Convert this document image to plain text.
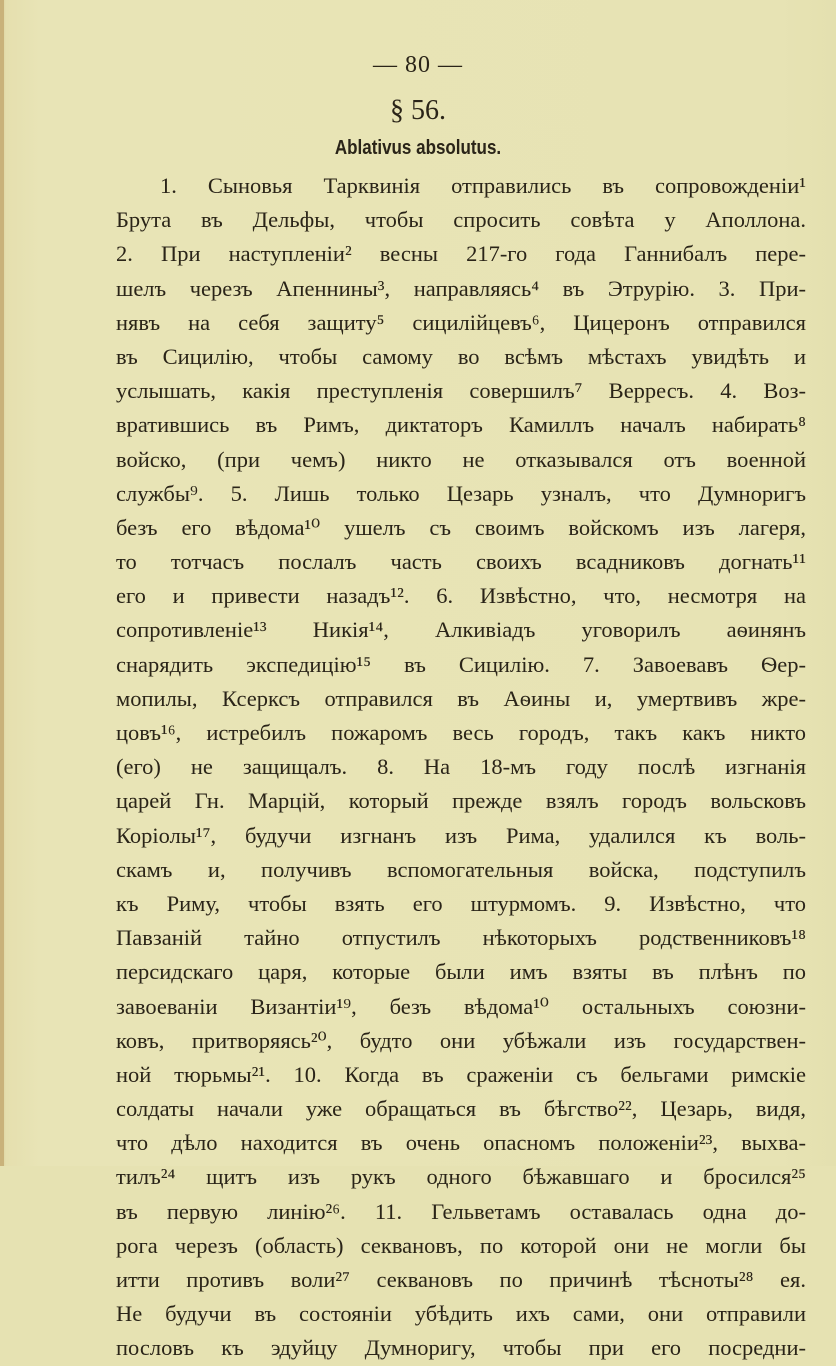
— 80 —
§ 56.
Ablativus absolutus.
1. Сыновья Тарквинія отправились въ сопровожденіи¹
Брута въ Дельфы, чтобы спросить совѣта у Аполлона.
2. При наступленіи² весны 217-го года Ганнибалъ пере-
шелъ черезъ Апеннины³, направляясь⁴ въ Этрурію. 3. При-
нявъ на себя защиту⁵ сицилійцевъ⁶, Цицеронъ отправился
въ Сицилію, чтобы самому во всѣмъ мѣстахъ увидѣть и
услышать, какія преступленія совершилъ⁷ Верресъ. 4. Воз-
вратившись въ Римъ, диктаторъ Камиллъ началъ набирать⁸
войско, (при чемъ) никто не отказывался отъ военной
службы⁹. 5. Лишь только Цезарь узналъ, что Думноригъ
безъ его вѣдома¹⁰ ушелъ съ своимъ войскомъ изъ лагеря,
то тотчасъ послалъ часть своихъ всадниковъ догнать¹¹
его и привести назадъ¹². 6. Извѣстно, что, несмотря на
сопротивленіе¹³ Никія¹⁴, Алкивіадъ уговорилъ аѳинянъ
снарядить экспедицію¹⁵ въ Сицилію. 7. Завоевавъ Ѳер-
мопилы, Ксерксъ отправился въ Аѳины и, умертвивъ жре-
цовъ¹⁶, истребилъ пожаромъ весь городъ, такъ какъ никто
(его) не защищалъ. 8. На 18-мъ году послѣ изгнанія
царей Гн. Марцій, который прежде взялъ городъ вольсковъ
Коріолы¹⁷, будучи изгнанъ изъ Рима, удалился къ воль-
скамъ и, получивъ вспомогательныя войска, подступилъ
къ Риму, чтобы взять его штурмомъ. 9. Извѣстно, что
Павзаній тайно отпустилъ нѣкоторыхъ родственниковъ¹⁸
персидскаго царя, которые были имъ взяты въ плѣнъ по
завоеваніи Византіи¹⁹, безъ вѣдома¹⁰ остальныхъ союзни-
ковъ, притворяясь²⁰, будто они убѣжали изъ государствен-
ной тюрьмы²¹. 10. Когда въ сраженіи съ бельгами римскіе
солдаты начали уже обращаться въ бѣгство²², Цезарь, видя,
что дѣло находится въ очень опасномъ положеніи²³, выхва-
тилъ²⁴ щитъ изъ рукъ одного бѣжавшаго и бросился²⁵
въ первую линію²⁶. 11. Гельветамъ оставалась одна до-
рога черезъ (область) секвановъ, по которой они не могли бы
итти противъ воли²⁷ секвановъ по причинѣ тѣсноты²⁸ ея.
Не будучи въ состояніи убѣдить ихъ сами, они отправили
пословъ къ эдуйцу Думноригу, чтобы при его посредни-
